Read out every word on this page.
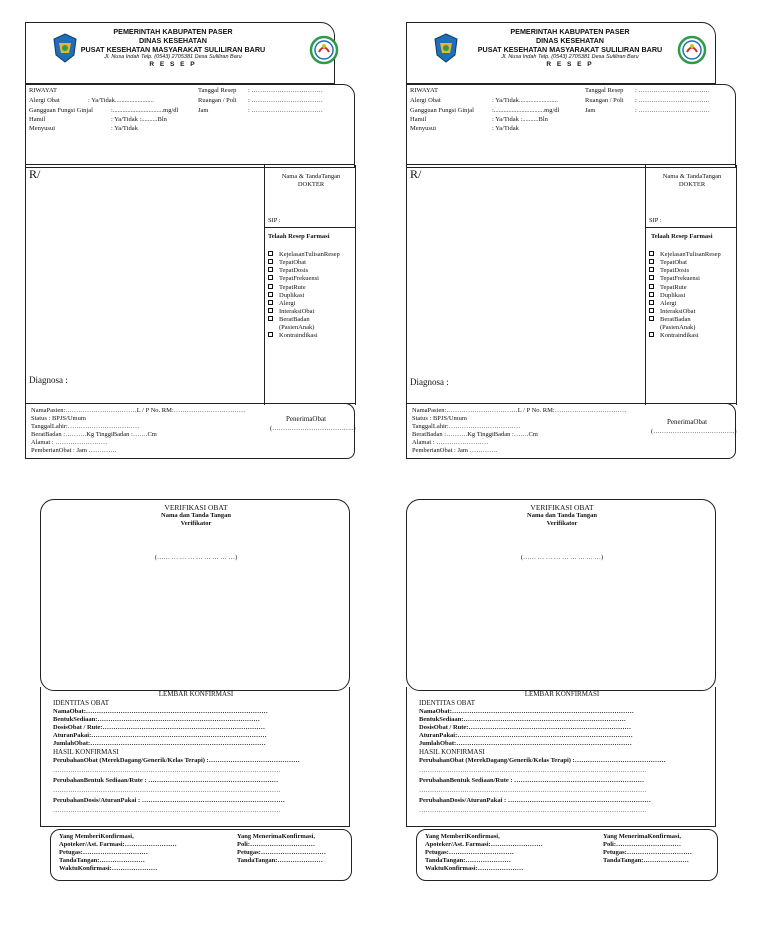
PEMERINTAH KABUPATEN PASER
DINAS KESEHATAN
PUSAT KESEHATAN MASYARAKAT SULILIRAN BARU
Jl. Nusa Indah Telp. (0543) 2705381 Desa Suliliran Baru
R E S E P
RIWAYAT
Alergi Obat	: Ya/Tidak........................
Gangguan Fungsi Ginjal	:...............................mg/dl
Hamil	: Ya/Tidak :..........Bln
Menyusui	: Ya/Tidak
Tanggal Resep : ……………………………
Ruangan / Poli : ……………………………
Jam	: ……………………………
R/
Diagnosa :
Nama & TandaTangan
DOKTER
SIP :
Telaah Resep Farmasi
KejelasanTulisanResep
TepatObat
TepatDosis
TepatFrekuensi
TepatRute
Duplikasi
Alergi
InteraksiObat
BeratBadan
(PasienAnak)
Kontraindikasi
NamaPasien:……………………………L / P No. RM:……………………………
Status : BPJS/Umum
TanggalLahir:……………………………
BeratBadan :……….Kg TinggiBadan :…….Cm
Alamat : ……………………
PemberianObat : Jam ………….
PenerimaObat
(………………………………..)
PEMERINTAH KABUPATEN PASER
DINAS KESEHATAN
PUSAT KESEHATAN MASYARAKAT SULILIRAN BARU
Jl. Nusa Indah Telp. (0543) 2705381 Desa Suliliran Baru
R E S E P
RIWAYAT
Alergi Obat	: Ya/Tidak........................
Gangguan Fungsi Ginjal	:...............................mg/dl
Hamil	: Ya/Tidak :..........Bln
Menyusui	: Ya/Tidak
Tanggal Resep : ……………………………
Ruangan / Poli : ……………………………
Jam	: ……………………………
R/
Diagnosa :
Nama & TandaTangan
DOKTER
SIP :
Telaah Resep Farmasi
KejelasanTulisanResep
TepatObat
TepatDosis
TepatFrekuensi
TepatRute
Duplikasi
Alergi
InteraksiObat
BeratBadan
(PasienAnak)
Kontraindikasi
NamaPasien:……………………………L / P No. RM:……………………………
Status : BPJS/Umum
TanggalLahir:……………………………
BeratBadan :……….Kg TinggiBadan :…….Cm
Alamat : ……………………
PemberianObat : Jam ………….
PenerimaObat
(………………………………..)
VERIFIKASI OBAT
Nama dan Tanda Tangan
Verifikator
(…… … … … … … … … …)
LEMBAR KONFIRMASI
IDENTITAS OBAT
NamaObat:…………………………………………………………………………
BentukSediaan:…………………………………………………………………
DosisObat / Rute:…………………………………………………………………
AturanPakai:………………………………………………………………………
JumlahObat:………………………………………………………………………
HASIL KONFIRMASI
PerubahanObat (MerekDagang/Generik/Kelas Terapi) :……………………………………
……………………………………………………………………………………………
PerubahanBentuk Sediaan/Rute : ……………………………………………………
……………………………………………………………………………………………
PerubahanDosis/AturanPakai : …………………………………………………………
……………………………………………………………………………………………
Yang MemberiKonfirmasi,
Apoteker/Ast. Farmasi:……………………
Petugas:…………………………
TandaTangan:…………………
WaktuKonfirmasi:…………………
Yang MenerimaKonfirmasi,
Poli:…………………………
Petugas:…………………………
TandaTangan:…………………
VERIFIKASI OBAT
Nama dan Tanda Tangan
Verifikator
(…… … … … … … … … …)
LEMBAR KONFIRMASI
IDENTITAS OBAT
NamaObat:…………………………………………………………………………
BentukSediaan:…………………………………………………………………
DosisObat / Rute:…………………………………………………………………
AturanPakai:………………………………………………………………………
JumlahObat:………………………………………………………………………
HASIL KONFIRMASI
PerubahanObat (MerekDagang/Generik/Kelas Terapi) :……………………………………
……………………………………………………………………………………………
PerubahanBentuk Sediaan/Rute : ……………………………………………………
……………………………………………………………………………………………
PerubahanDosis/AturanPakai : …………………………………………………………
……………………………………………………………………………………………
Yang MemberiKonfirmasi,
Apoteker/Ast. Farmasi:……………………
Petugas:…………………………
TandaTangan:…………………
WaktuKonfirmasi:…………………
Yang MenerimaKonfirmasi,
Poli:…………………………
Petugas:…………………………
TandaTangan:…………………
